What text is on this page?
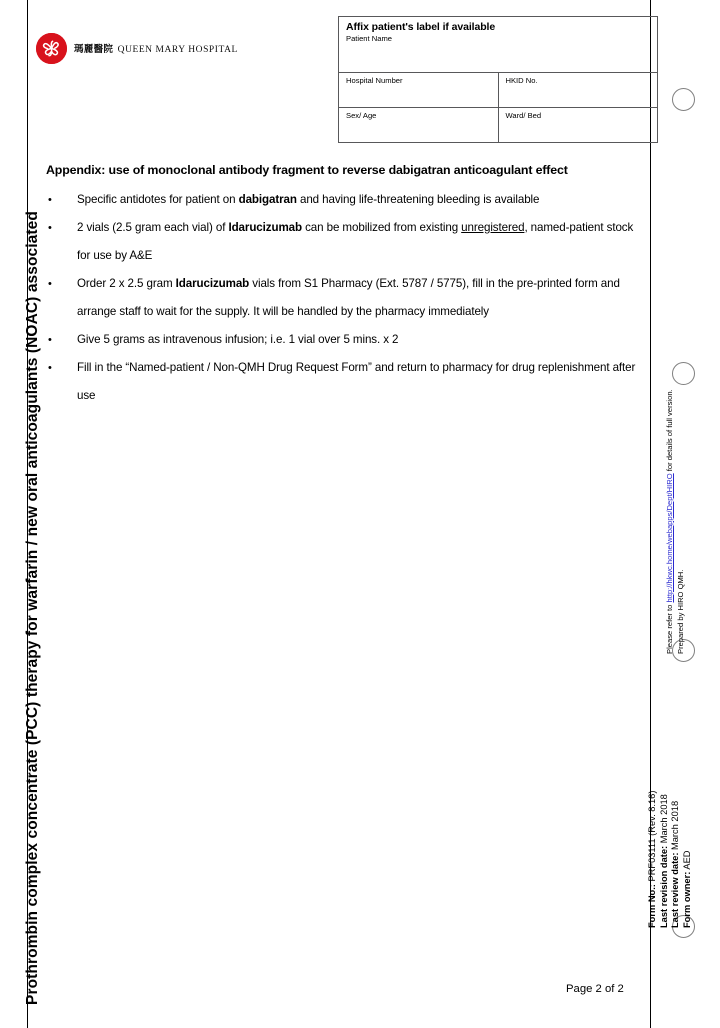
瑪麗醫院 QUEEN MARY HOSPITAL
Affix patient's label if available
Patient Name	

Hospital Number	HKID No.

Sex/ Age	Ward/ Bed
Appendix: use of monoclonal antibody fragment to reverse dabigatran anticoagulant effect
• Specific antidotes for patient on dabigatran and having life-threatening bleeding is available
• 2 vials (2.5 gram each vial) of Idarucizumab can be mobilized from existing unregistered, named-patient stock for use by A&E
• Order 2 x 2.5 gram Idarucizumab vials from S1 Pharmacy (Ext. 5787 / 5775), fill in the pre-printed form and arrange staff to wait for the supply. It will be handled by the pharmacy immediately
• Give 5 grams as intravenous infusion; i.e. 1 vial over 5 mins. x 2
• Fill in the “Named-patient / Non-QMH Drug Request Form” and return to pharmacy for drug replenishment after use
Prothrombin complex concentrate (PCC) therapy for warfarin / new oral anticoagulants (NOAC) associated	Please refer to http://hkwc.home/webapps/Dept/HIRO for details of full version. Prepared by HIRO QMH.
Form No.: PRF03111 (Rev. 8.16)
Last revision date: March 2018
Last review date: March 2018
Form owner: AED
Page 2 of 2
